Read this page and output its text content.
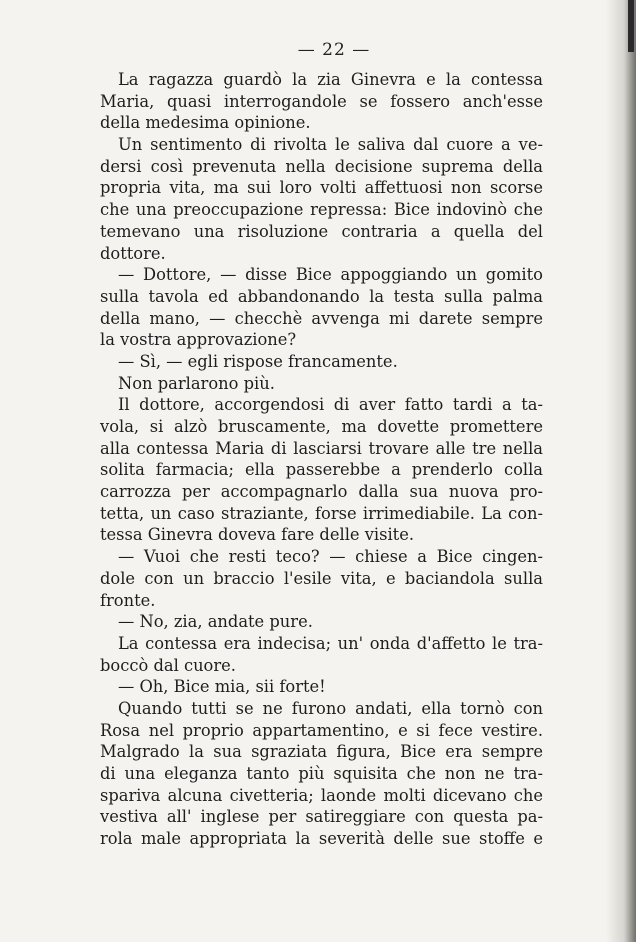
— 22 —
La ragazza guardò la zia Ginevra e la contessa
Maria, quasi interrogandole se fossero anch'esse
della medesima opinione.
Un sentimento di rivolta le saliva dal cuore a ve-
dersi così prevenuta nella decisione suprema della
propria vita, ma sui loro volti affettuosi non scorse
che una preoccupazione repressa: Bice indovinò che
temevano una risoluzione contraria a quella del
dottore.
— Dottore, — disse Bice appoggiando un gomito
sulla tavola ed abbandonando la testa sulla palma
della mano, — checchè avvenga mi darete sempre
la vostra approvazione?
— Sì, — egli rispose francamente.
Non parlarono più.
Il dottore, accorgendosi di aver fatto tardi a ta-
vola, si alzò bruscamente, ma dovette promettere
alla contessa Maria di lasciarsi trovare alle tre nella
solita farmacia; ella passerebbe a prenderlo colla
carrozza per accompagnarlo dalla sua nuova pro-
tetta, un caso straziante, forse irrimediabile. La con-
tessa Ginevra doveva fare delle visite.
— Vuoi che resti teco? — chiese a Bice cingen-
dole con un braccio l'esile vita, e baciandola sulla
fronte.
— No, zia, andate pure.
La contessa era indecisa; un' onda d'affetto le tra-
boccò dal cuore.
— Oh, Bice mia, sii forte!
Quando tutti se ne furono andati, ella tornò con
Rosa nel proprio appartamentino, e si fece vestire.
Malgrado la sua sgraziata figura, Bice era sempre
di una eleganza tanto più squisita che non ne tra-
spariva alcuna civetteria; laonde molti dicevano che
vestiva all' inglese per satireggiare con questa pa-
rola male appropriata la severità delle sue stoffe e
